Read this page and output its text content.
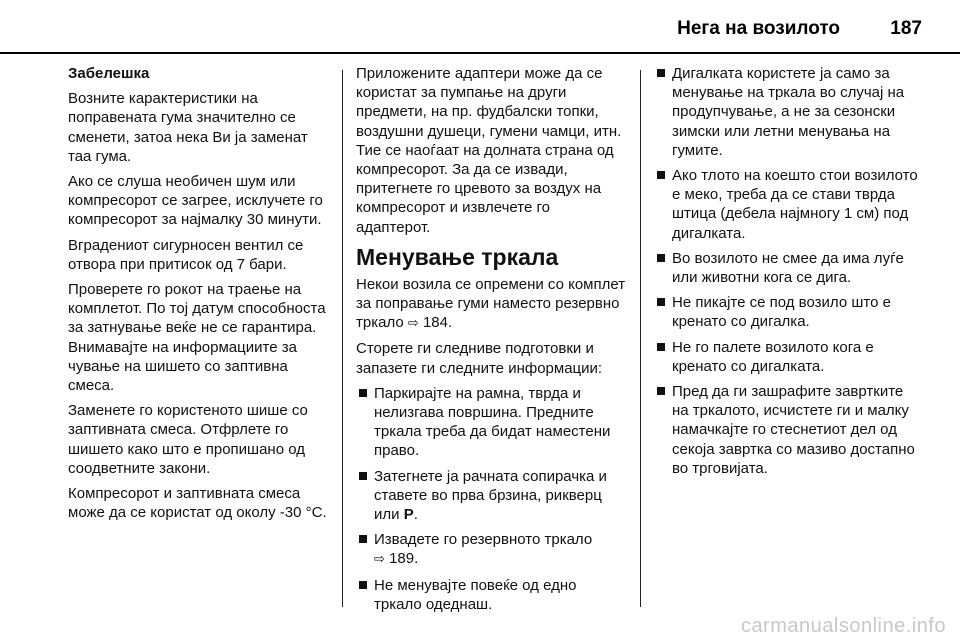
Нега на возилото	187

Забелешка

Возните карактеристики на поправената гума значително се сменети, затоа нека Ви ја заменат таа гума.

Ако се слуша необичен шум или компресорот се загрее, исклучете го компресорот за најмалку 30 минути.

Вградениот сигурносен вентил се отвора при притисок од 7 бари.

Проверете го рокот на траење на комплетот. По тој датум способноста за затнување веќе не се гарантира. Внимавајте на информациите за чување на шишето со заптивна смеса.

Заменете го користеното шише со заптивната смеса. Отфрлете го шишето како што е пропишано од соодветните закони.

Компресорот и заптивната смеса може да се користат од околу -30 °C.

Приложените адаптери може да се користат за пумпање на други предмети, на пр. фудбалски топки, воздушни душеци, гумени чамци, итн. Тие се наоѓаат на долната страна од компресорот. За да се извади, притегнете го цревото за воздух на компресорот и извлечете го адаптерот.

Менување тркала

Некои возила се опремени со комплет за поправање гуми наместо резервно тркало ⇨ 184.

Сторете ги следниве подготовки и запазете ги следните информации:

Паркирајте на рамна, тврда и нелизгава површина. Предните тркала треба да бидат наместени право.
Затегнете ја рачната сопирачка и ставете во прва брзина, рикверц или P.
Извадете го резервното тркало
⇨ 189.
Не менувајте повеќе од едно тркало одеднаш.
Дигалката користете ја само за менување на тркала во случај на продупчување, а не за сезонски зимски или летни менувања на гумите.
Ако тлото на коешто стои возилото е меко, треба да се стави тврда штица (дебела најмногу 1 см) под дигалката.
Во возилото не смее да има луѓе или животни кога се дига.
Не пикајте се под возило што е кренато со дигалка.
Не го палете возилото кога е кренато со дигалката.
Пред да ги зашрафите завртките на тркалото, исчистете ги и малку намачкајте го стеснетиот дел од секоја завртка со мазиво достапно во трговијата.
carmanualsonline.info
